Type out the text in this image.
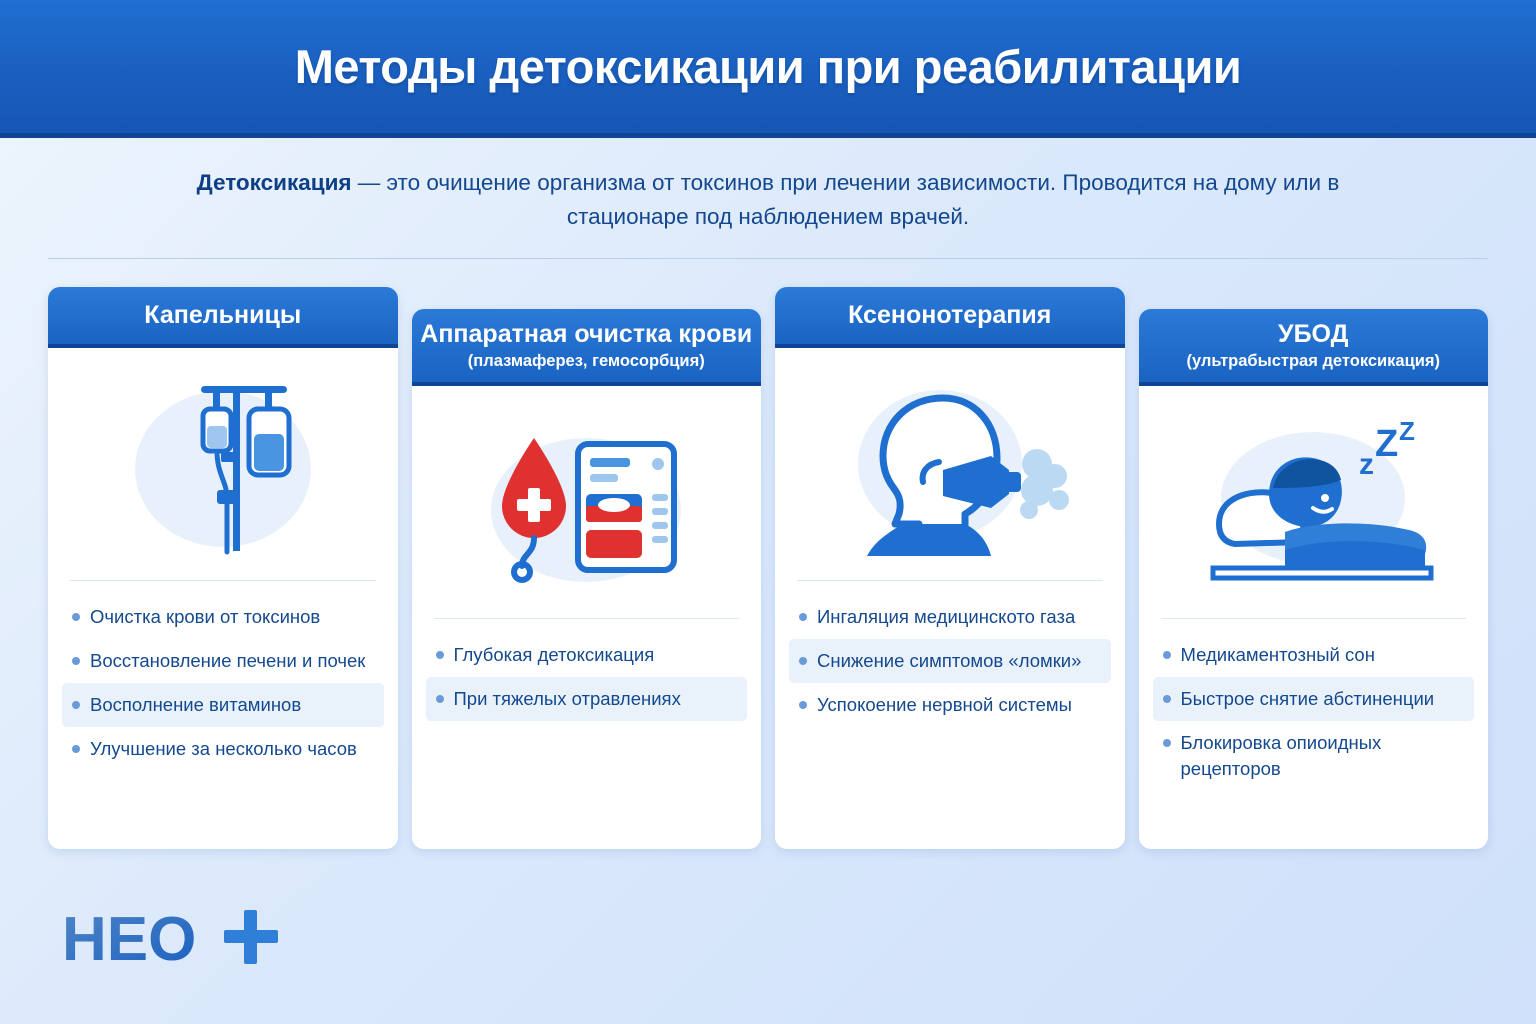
Методы детоксикации при реабилитации
Детоксикация — это очищение организма от токсинов при лечении зависимости. Проводится на дому или в стационаре под наблюдением врачей.
Капельницы
Очистка крови от токсинов
Восстановление печени и почек
Восполнение витаминов
Улучшение за несколько часов
Аппаратная очистка крови
(плазмаферез, гемосорбция)
Глубокая детоксикация
При тяжелых отравлениях
Ксенонотерапия
Ингаляция медицинското газа
Снижение симптомов «ломки»
Успокоение нервной системы
УБОД
(ультрабыстрая детоксикация)
z Z Z
Медикаментозный сон
Быстрое снятие абстиненции
Блокировка опиоидных рецепторов
НЕО
